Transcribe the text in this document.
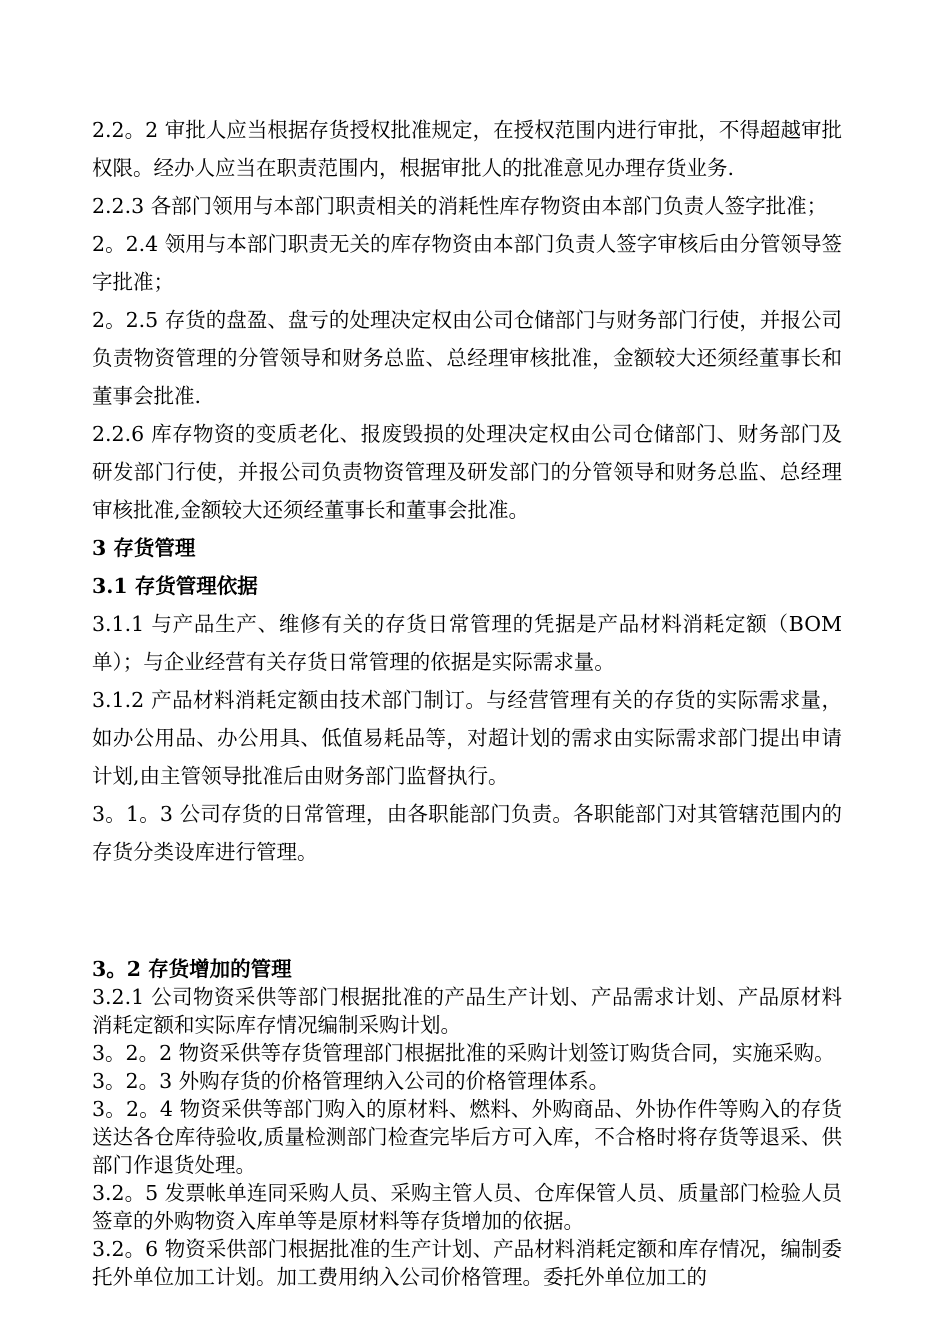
2.2。2 审批人应当根据存货授权批准规定，在授权范围内进行审批，不得超越审批权限。经办人应当在职责范围内，根据审批人的批准意见办理存货业务.

2.2.3 各部门领用与本部门职责相关的消耗性库存物资由本部门负责人签字批准；

2。2.4 领用与本部门职责无关的库存物资由本部门负责人签字审核后由分管领导签字批准；

2。2.5 存货的盘盈、盘亏的处理决定权由公司仓储部门与财务部门行使，并报公司负责物资管理的分管领导和财务总监、总经理审核批准，金额较大还须经董事长和董事会批准.

2.2.6 库存物资的变质老化、报废毁损的处理决定权由公司仓储部门、财务部门及研发部门行使，并报公司负责物资管理及研发部门的分管领导和财务总监、总经理审核批准,金额较大还须经董事长和董事会批准。

3 存货管理
3.1 存货管理依据

3.1.1 与产品生产、维修有关的存货日常管理的凭据是产品材料消耗定额（BOM 单）；与企业经营有关存货日常管理的依据是实际需求量。

3.1.2 产品材料消耗定额由技术部门制订。与经营管理有关的存货的实际需求量，如办公用品、办公用具、低值易耗品等，对超计划的需求由实际需求部门提出申请计划,由主管领导批准后由财务部门监督执行。

3。1。3 公司存货的日常管理，由各职能部门负责。各职能部门对其管辖范围内的存货分类设库进行管理。

3。2 存货增加的管理

3.2.1 公司物资采供等部门根据批准的产品生产计划、产品需求计划、产品原材料消耗定额和实际库存情况编制采购计划。

3。2。2 物资采供等存货管理部门根据批准的采购计划签订购货合同，实施采购。

3。2。3 外购存货的价格管理纳入公司的价格管理体系。

3。2。4 物资采供等部门购入的原材料、燃料、外购商品、外协作件等购入的存货送达各仓库待验收,质量检测部门检查完毕后方可入库，不合格时将存货等退采、供部门作退货处理。

3.2。5 发票帐单连同采购人员、采购主管人员、仓库保管人员、质量部门检验人员签章的外购物资入库单等是原材料等存货增加的依据。

3.2。6 物资采供部门根据批准的生产计划、产品材料消耗定额和库存情况，编制委托外单位加工计划。加工费用纳入公司价格管理。委托外单位加工的
